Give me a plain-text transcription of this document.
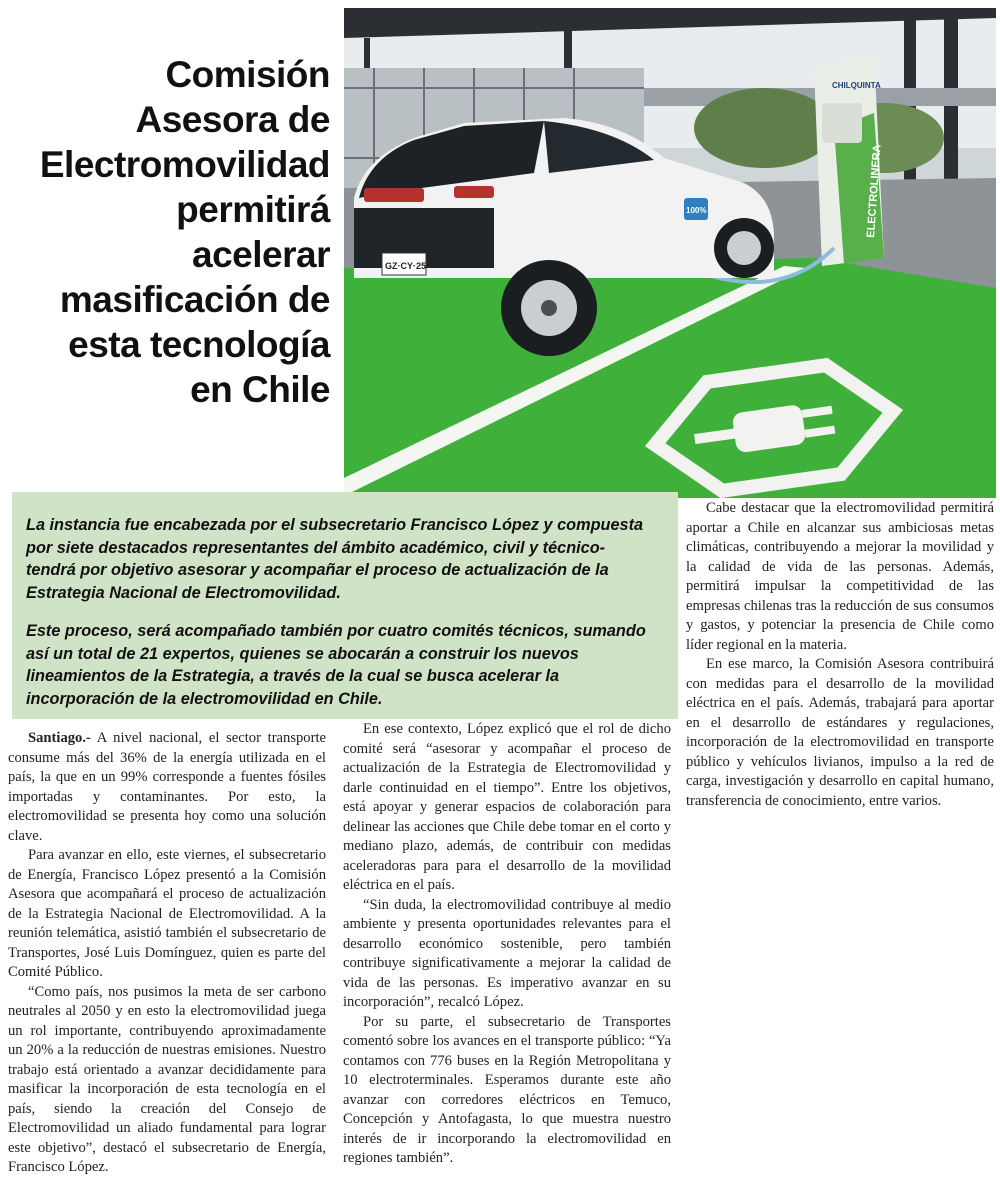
Comisión
Asesora de
Electromovilidad
permitirá
acelerar
masificación de
esta tecnología
en Chile
CHILQUINTA
ELECTROLINERA
GZ·CY·25
100%

La instancia fue encabezada por el subsecretario Francisco López y compuesta por siete destacados representantes del ámbito académico, civil y técnico- tendrá por objetivo asesorar y acompañar el proceso de actualización de la Estrategia Nacional de Electromovilidad.

Este proceso, será acompañado también por cuatro comités técnicos, sumando así un total de 21 expertos, quienes se abocarán a construir los nuevos lineamientos de la Estrategia, a través de la cual se busca acelerar la incorporación de la electromovilidad en Chile.

Santiago.- A nivel nacional, el sector transporte consume más del 36% de la energía utilizada en el país, la que en un 99% corresponde a fuentes fósiles importadas y contaminantes. Por esto, la electromovilidad se presenta hoy como una solución clave.

Para avanzar en ello, este viernes, el subsecretario de Energía, Francisco López presentó a la Comisión Asesora que acompañará el proceso de actualización de la Estrategia Nacional de Electromovilidad. A la reunión telemática, asistió también el subsecretario de Transportes, José Luis Domínguez, quien es parte del Comité Público.

“Como país, nos pusimos la meta de ser carbono neutrales al 2050 y en esto la electromovilidad juega un rol importante, contribuyendo aproximadamente un 20% a la reducción de nuestras emisiones. Nuestro trabajo está orientado a avanzar decididamente para masificar la incorporación de esta tecnología en el país, siendo la creación del Consejo de Electromovilidad un aliado fundamental para lograr este objetivo”, destacó el subsecretario de Energía, Francisco López.

En ese contexto, López explicó que el rol de dicho comité será “asesorar y acompañar el proceso de actualización de la Estrategia de Electromovilidad y darle continuidad en el tiempo”. Entre los objetivos, está apoyar y generar espacios de colaboración para delinear las acciones que Chile debe tomar en el corto y mediano plazo, además, de contribuir con medidas aceleradoras para para el desarrollo de la movilidad eléctrica en el país.

“Sin duda, la electromovilidad contribuye al medio ambiente y presenta oportunidades relevantes para el desarrollo económico sostenible, pero también contribuye significativamente a mejorar la calidad de vida de las personas. Es imperativo avanzar en su incorporación”, recalcó López.

Por su parte, el subsecretario de Transportes comentó sobre los avances en el transporte público: “Ya contamos con 776 buses en la Región Metropolitana y 10 electroterminales. Esperamos durante este año avanzar con corredores eléctricos en Temuco, Concepción y Antofagasta, lo que muestra nuestro interés de ir incorporando la electromovilidad en regiones también”.

Cabe destacar que la electromovilidad permitirá aportar a Chile en alcanzar sus ambiciosas metas climáticas, contribuyendo a mejorar la movilidad y la calidad de vida de las personas. Además, permitirá impulsar la competitividad de las empresas chilenas tras la reducción de sus consumos y gastos, y potenciar la presencia de Chile como líder regional en la materia.

En ese marco, la Comisión Asesora contribuirá con medidas para el desarrollo de la movilidad eléctrica en el país. Además, trabajará para aportar en el desarrollo de estándares y regulaciones, incorporación de la electromovilidad en transporte público y vehículos livianos, impulso a la red de carga, investigación y desarrollo en capital humano, transferencia de conocimiento, entre varios.
